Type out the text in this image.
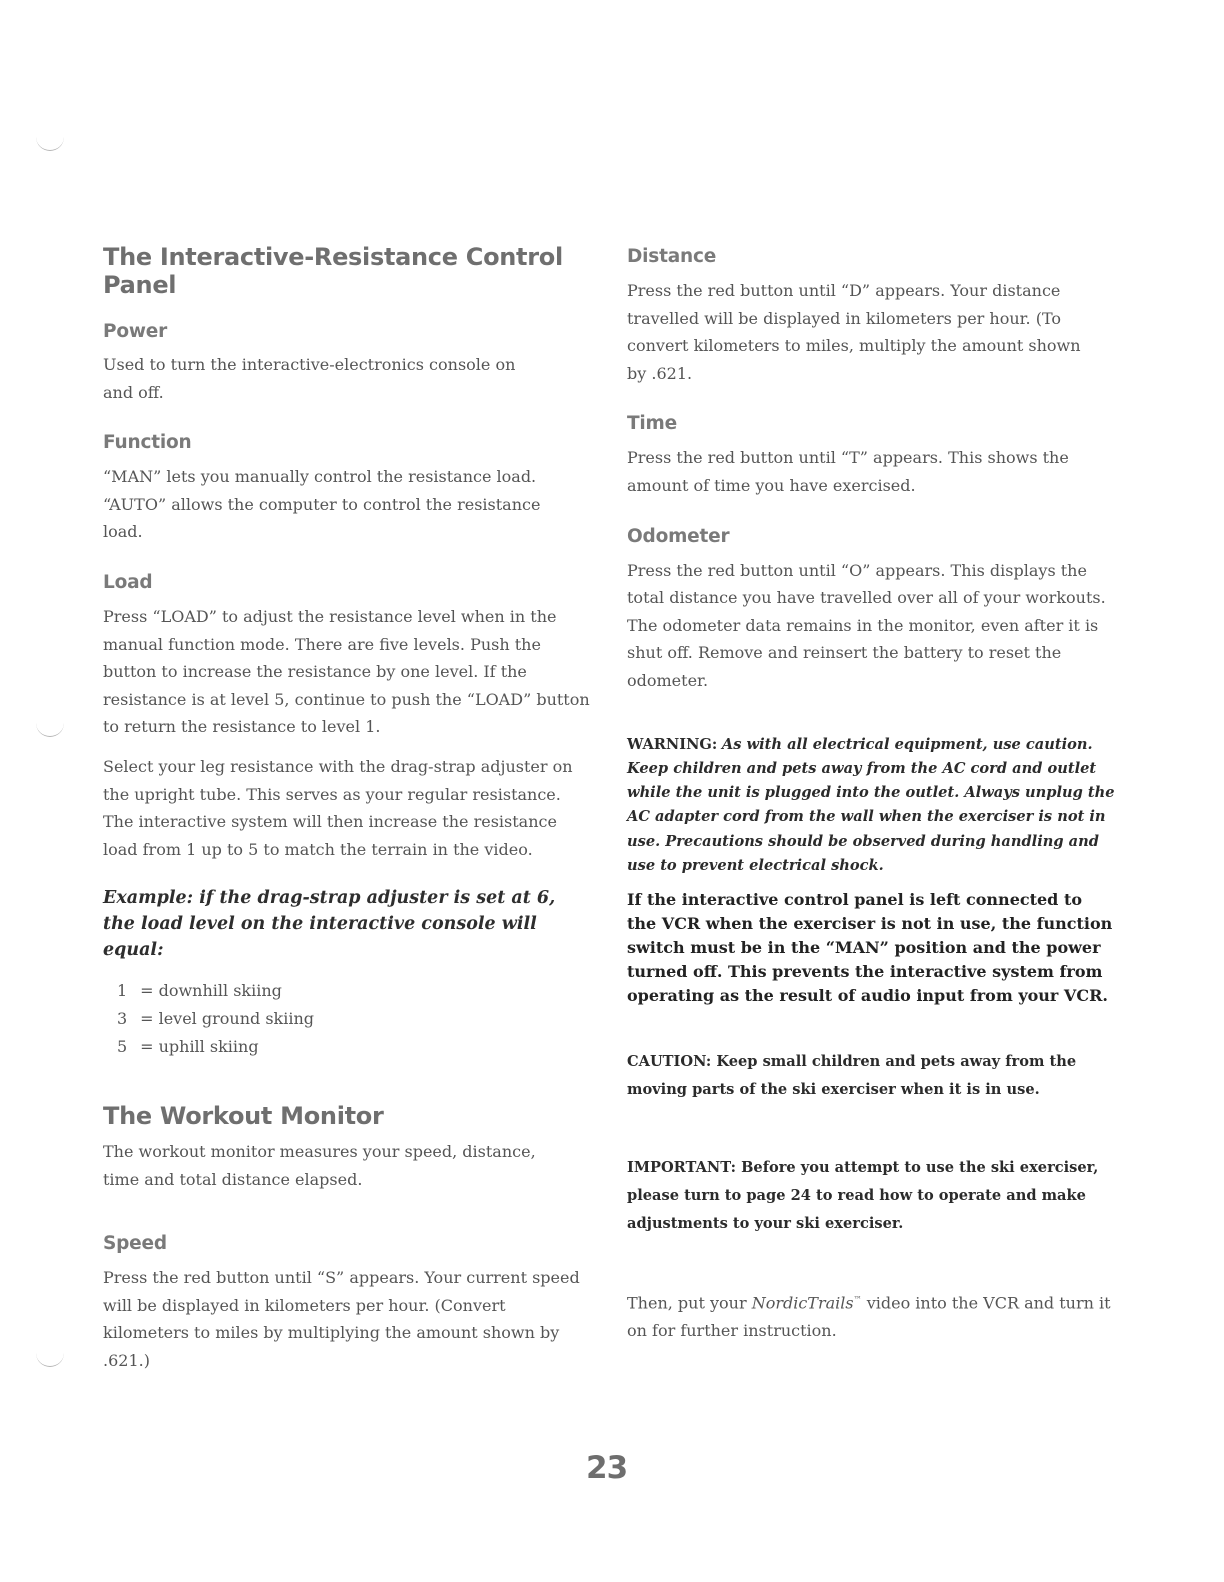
The Interactive-Resistance Control Panel
Power

Used to turn the interactive-electronics console on and off.

Function

“MAN” lets you manually control the resistance load. “AUTO” allows the computer to control the resistance load.

Load

Press “LOAD” to adjust the resistance level when in the manual function mode. There are five levels. Push the button to increase the resistance by one level. If the resistance is at level 5, continue to push the “LOAD” button to return the resistance to level 1.

Select your leg resistance with the drag-strap adjuster on the upright tube. This serves as your regular resistance. The interactive system will then increase the resistance load from 1 up to 5 to match the terrain in the video.

Example: if the drag-strap adjuster is set at 6, the load level on the interactive console will equal:

1 = downhill skiing
3 = level ground skiing
5 = uphill skiing
The Workout Monitor

The workout monitor measures your speed, distance, time and total distance elapsed.

Speed

Press the red button until “S” appears. Your current speed will be displayed in kilometers per hour. (Convert kilometers to miles by multiplying the amount shown by .621.)

Distance

Press the red button until “D” appears. Your distance travelled will be displayed in kilometers per hour. (To convert kilometers to miles, multiply the amount shown by .621.

Time

Press the red button until “T” appears. This shows the amount of time you have exercised.

Odometer

Press the red button until “O” appears. This displays the total distance you have travelled over all of your workouts. The odometer data remains in the monitor, even after it is shut off. Remove and reinsert the battery to reset the odometer.

WARNING: As with all electrical equipment, use caution. Keep children and pets away from the AC cord and outlet while the unit is plugged into the outlet. Always unplug the AC adapter cord from the wall when the exerciser is not in use. Precautions should be observed during handling and use to prevent electrical shock.

If the interactive control panel is left connected to the VCR when the exerciser is not in use, the function switch must be in the “MAN” position and the power turned off. This prevents the interactive system from operating as the result of audio input from your VCR.

CAUTION: Keep small children and pets away from the moving parts of the ski exerciser when it is in use.

IMPORTANT: Before you attempt to use the ski exerciser, please turn to page 24 to read how to operate and make adjustments to your ski exerciser.

Then, put your NordicTrails™ video into the VCR and turn it on for further instruction.

23
